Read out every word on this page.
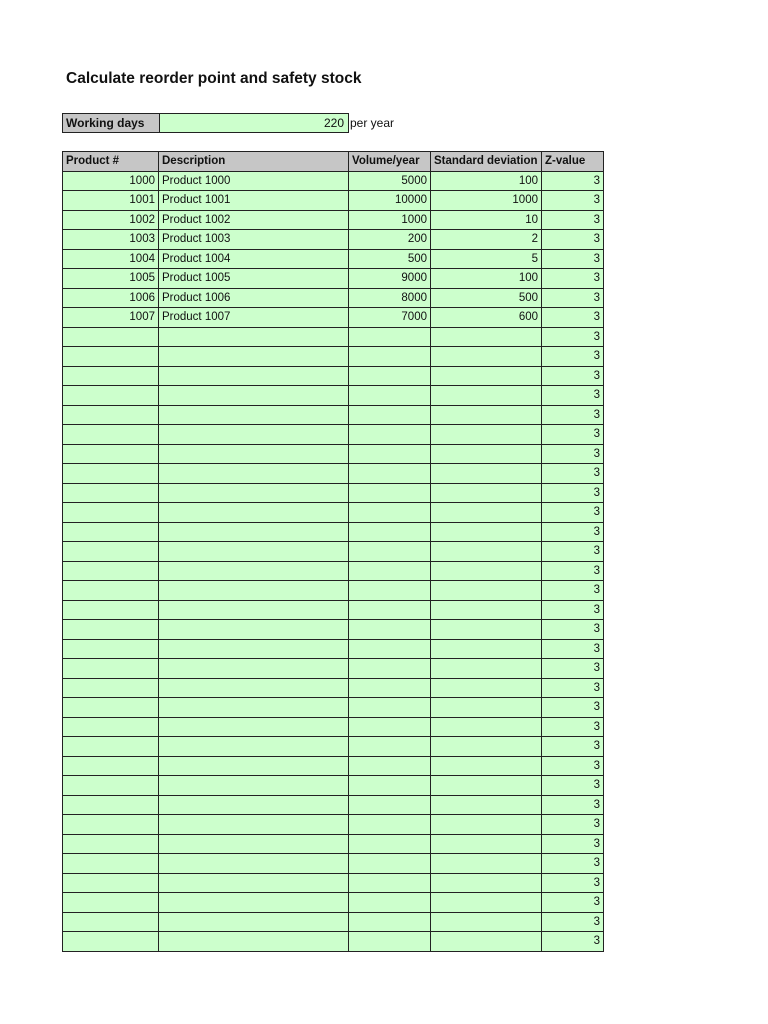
Calculate reorder point and safety stock
Working days	220 per year
Product #	Description	Volume/year	Standard deviation	Z-value
1000	Product 1000	5000	100	3
1001	Product 1001	10000	1000	3
1002	Product 1002	1000	10	3
1003	Product 1003	200	2	3
1004	Product 1004	500	5	3
1005	Product 1005	9000	100	3
1006	Product 1006	8000	500	3
1007	Product 1007	7000	600	3
				3
				3
				3
				3
				3
				3
				3
				3
				3
				3
				3
				3
				3
				3
				3
				3
				3
				3
				3
				3
				3
				3
				3
				3
				3
				3
				3
				3
				3
				3
				3
				3
